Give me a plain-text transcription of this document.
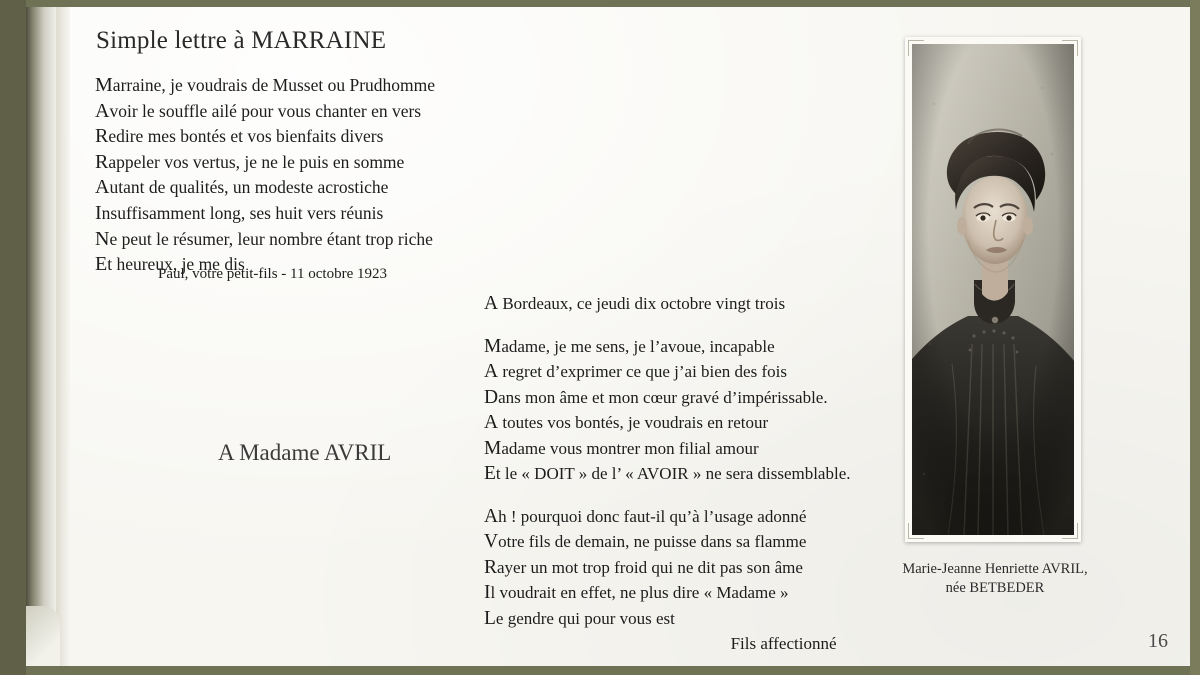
Simple lettre à MARRAINE
Marraine, je voudrais de Musset ou Prudhomme
Avoir le souffle ailé pour vous chanter en vers
Redire mes bontés et vos bienfaits divers
Rappeler vos vertus, je ne le puis en somme
Autant de qualités, un modeste acrostiche
Insuffisamment long, ses huit vers réunis
Ne peut le résumer, leur nombre étant trop riche
Et heureux, je me dis
Paul, votre petit-fils - 11 octobre 1923
A Madame AVRIL
A Bordeaux, ce jeudi dix octobre vingt trois

Madame, je me sens, je l’avoue, incapable
A regret d’exprimer ce que j’ai bien des fois
Dans mon âme et mon cœur gravé d’impérissable.
A toutes vos bontés, je voudrais en retour
Madame vous montrer mon filial amour
Et le « DOIT » de l’ « AVOIR » ne sera dissemblable.

Ah ! pourquoi donc faut-il qu’à l’usage adonné
Votre fils de demain, ne puisse dans sa flamme
Rayer un mot trop froid qui ne dit pas son âme
Il voudrait en effet, ne plus dire « Madame »
Le gendre qui pour vous est

Fils affectionné
Marie-Jeanne Henriette AVRIL,
née BETBEDER
16
